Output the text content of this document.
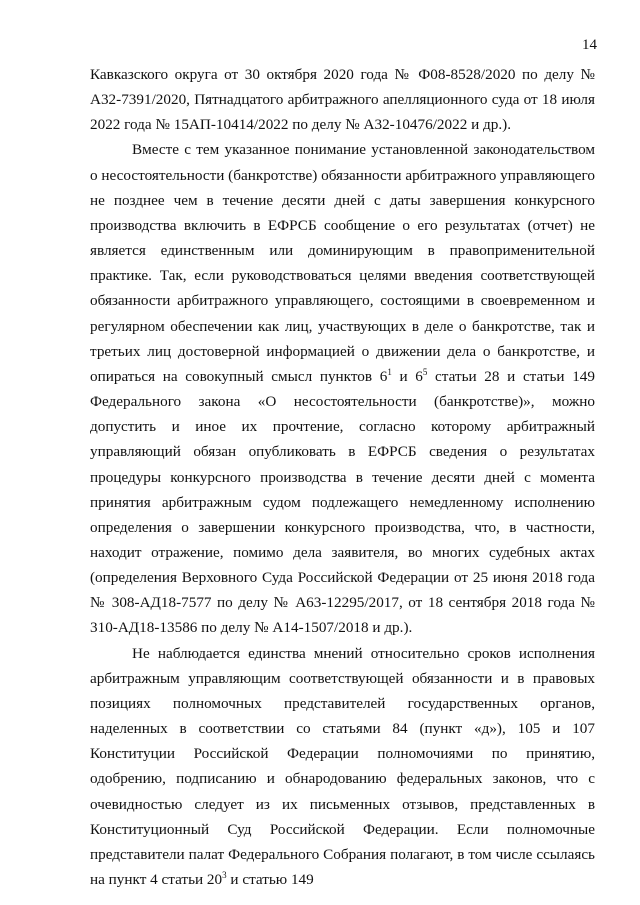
14

Кавказского округа от 30 октября 2020 года № Ф08-8528/2020 по делу № А32-7391/2020, Пятнадцатого арбитражного апелляционного суда от 18 июля 2022 года № 15АП-10414/2022 по делу № А32-10476/2022 и др.).

Вместе с тем указанное понимание установленной законодательством о несостоятельности (банкротстве) обязанности арбитражного управляющего не позднее чем в течение десяти дней с даты завершения конкурсного производства включить в ЕФРСБ сообщение о его результатах (отчет) не является единственным или доминирующим в правоприменительной практике. Так, если руководствоваться целями введения соответствующей обязанности арбитражного управляющего, состоящими в своевременном и регулярном обеспечении как лиц, участвующих в деле о банкротстве, так и третьих лиц достоверной информацией о движении дела о банкротстве, и опираться на совокупный смысл пунктов $6^1$ и $6^5$ статьи 28 и статьи 149 Федерального закона «О несостоятельности (банкротстве)», можно допустить и иное их прочтение, согласно которому арбитражный управляющий обязан опубликовать в ЕФРСБ сведения о результатах процедуры конкурсного производства в течение десяти дней с момента принятия арбитражным судом подлежащего немедленному исполнению определения о завершении конкурсного производства, что, в частности, находит отражение, помимо дела заявителя, во многих судебных актах (определения Верховного Суда Российской Федерации от 25 июня 2018 года № 308-АД18-7577 по делу № А63-12295/2017, от 18 сентября 2018 года № 310-АД18-13586 по делу № А14-1507/2018 и др.).

Не наблюдается единства мнений относительно сроков исполнения арбитражным управляющим соответствующей обязанности и в правовых позициях полномочных представителей государственных органов, наделенных в соответствии со статьями 84 (пункт «д»), 105 и 107 Конституции Российской Федерации полномочиями по принятию, одобрению, подписанию и обнародованию федеральных законов, что с очевидностью следует из их письменных отзывов, представленных в Конституционный Суд Российской Федерации. Если полномочные представители палат Федерального Собрания полагают, в том числе ссылаясь на пункт 4 статьи $20^3$ и статью 149
